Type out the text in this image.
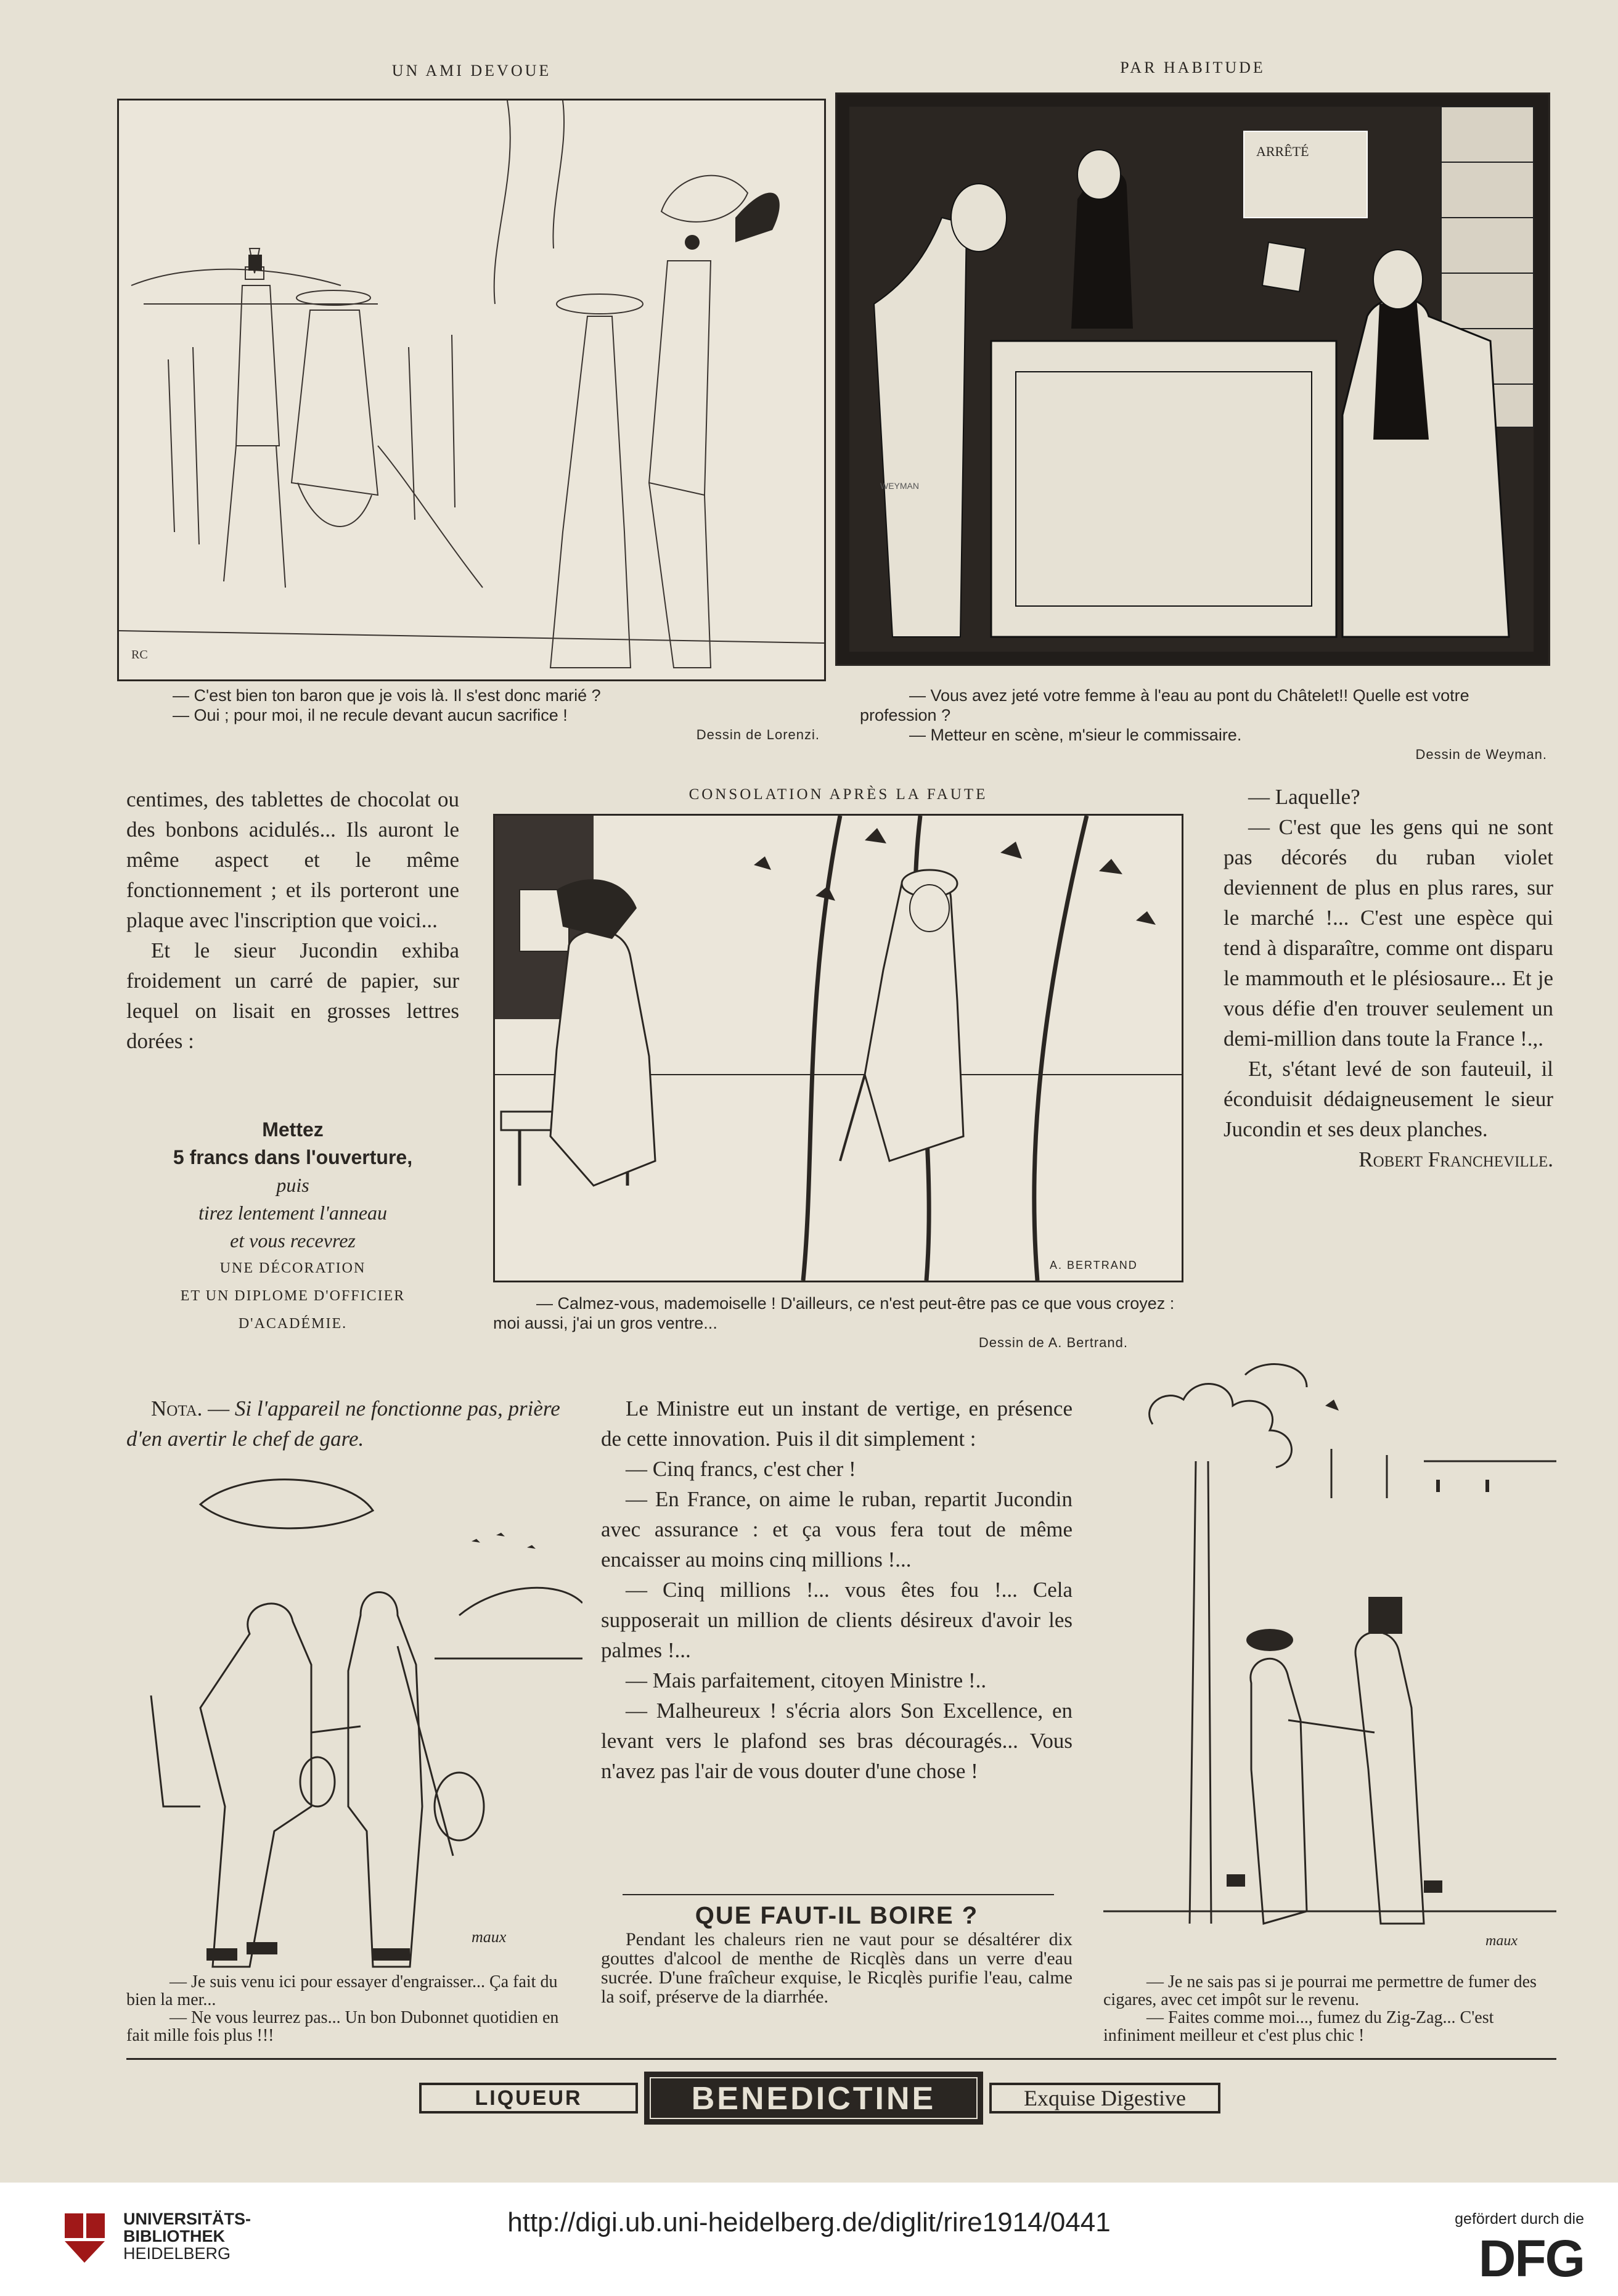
UN AMI DEVOUE	PAR HABITUDE
RC

— C'est bien ton baron que je vois là. Il s'est donc marié ?

— Oui ; pour moi, il ne recule devant aucun sacrifice !

Dessin de Lorenzi.

ARRÊTÉ
WEYMAN

— Vous avez jeté votre femme à l'eau au pont du Châtelet!! Quelle est votre profession ?

— Metteur en scène, m'sieur le commissaire.

Dessin de Weyman.

centimes, des tablettes de chocolat ou des bonbons acidulés... Ils auront le même aspect et le même fonctionnement ; et ils porteront une plaque avec l'inscription que voici...

Et le sieur Jucondin exhiba froidement un carré de papier, sur lequel on lisait en grosses lettres dorées :

Mettez
5 francs dans l'ouverture,
puis
tirez lentement l'anneau
et vous recevrez
UNE DÉCORATION
ET UN DIPLOME D'OFFICIER
D'ACADÉMIE.
CONSOLATION APRÈS LA FAUTE
A. BERTRAND

— Calmez-vous, mademoiselle ! D'ailleurs, ce n'est peut-être pas ce que vous croyez : moi aussi, j'ai un gros ventre...

Dessin de A. Bertrand.

— Laquelle?

— C'est que les gens qui ne sont pas décorés du ruban violet deviennent de plus en plus rares, sur le marché !... C'est une espèce qui tend à disparaître, comme ont disparu le mammouth et le plésiosaure... Et je vous défie d'en trouver seulement un demi-million dans toute la France !.,.

Et, s'étant levé de son fauteuil, il éconduisit dédaigneusement le sieur Jucondin et ses deux planches.

Robert Francheville.

Nota. — Si l'appareil ne fonctionne pas, prière d'en avertir le chef de gare.

maux

— Je suis venu ici pour essayer d'engraisser... Ça fait du bien la mer...

— Ne vous leurrez pas... Un bon Dubonnet quotidien en fait mille fois plus !!!

Le Ministre eut un instant de vertige, en présence de cette innovation. Puis il dit simplement :

— Cinq francs, c'est cher !

— En France, on aime le ruban, repartit Jucondin avec assurance : et ça vous fera tout de même encaisser au moins cinq millions !...

— Cinq millions !... vous êtes fou !... Cela supposerait un million de clients désireux d'avoir les palmes !...

— Mais parfaitement, citoyen Ministre !..

— Malheureux ! s'écria alors Son Excellence, en levant vers le plafond ses bras découragés... Vous n'avez pas l'air de vous douter d'une chose !

QUE FAUT-IL BOIRE ?
Pendant les chaleurs rien ne vaut pour se désaltérer dix gouttes d'alcool de menthe de Ricqlès dans un verre d'eau sucrée. D'une fraîcheur exquise, le Ricqlès purifie l'eau, calme la soif, préserve de la diarrhée.
maux

— Je ne sais pas si je pourrai me permettre de fumer des cigares, avec cet impôt sur le revenu.

— Faites comme moi..., fumez du Zig-Zag... C'est infiniment meilleur et c'est plus chic !

LIQUEUR	BENEDICTINE	Exquise Digestive
UNIVERSITÄTS-
BIBLIOTHEK
HEIDELBERG
http://digi.ub.uni-heidelberg.de/diglit/rire1914/0441	gefördert durch die
DFG
